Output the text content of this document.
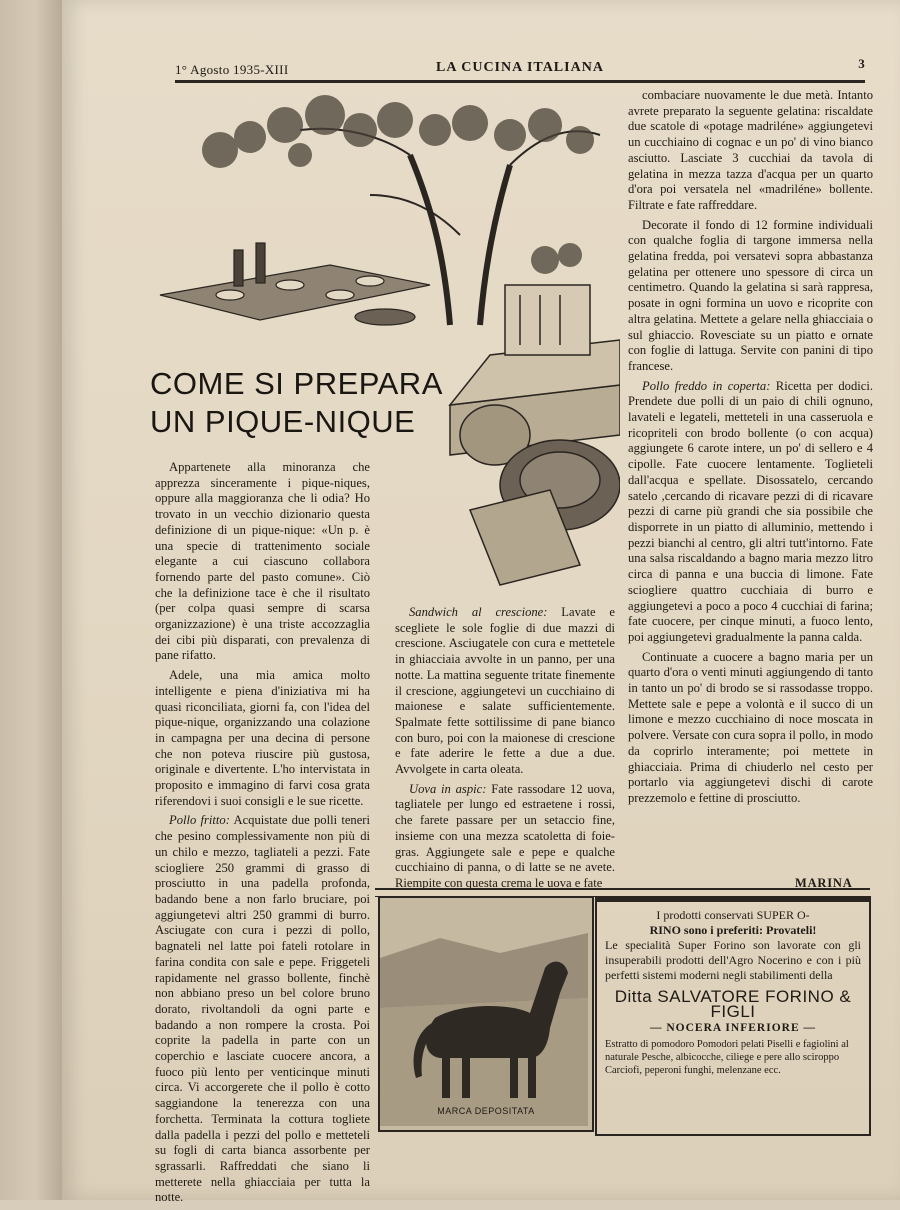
1° Agosto 1935-XIII	LA CUCINA ITALIANA	3
COME SI PREPARA
UN PIQUE-NIQUE

Appartenete alla minoranza che apprezza sinceramente i pique-niques, oppure alla maggioranza che li odia? Ho trovato in un vecchio dizionario questa definizione di un pique-nique: «Un p. è una specie di trattenimento sociale elegante a cui ciascuno collabora fornendo parte del pasto comune». Ciò che la definizione tace è che il risultato (per colpa quasi sempre di scarsa organizzazione) è una triste accozzaglia dei cibi più disparati, con prevalenza di pane rifatto.

Adele, una mia amica molto intelligente e piena d'iniziativa mi ha quasi riconciliata, giorni fa, con l'idea del pique-nique, organizzando una colazione in campagna per una decina di persone che non poteva riuscire più gustosa, originale e divertente. L'ho intervistata in proposito e immagino di farvi cosa grata riferendovi i suoi consigli e le sue ricette.

Pollo fritto: Acquistate due polli teneri che pesino complessivamente non più di un chilo e mezzo, tagliateli a pezzi. Fate sciogliere 250 grammi di grasso di prosciutto in una padella profonda, badando bene a non farlo bruciare, poi aggiungetevi altri 250 grammi di burro. Asciugate con cura i pezzi di pollo, bagnateli nel latte poi fateli rotolare in farina condita con sale e pepe. Friggeteli rapidamente nel grasso bollente, finchè non abbiano preso un bel colore bruno dorato, rivoltandoli da ogni parte e badando a non rompere la crosta. Poi coprite la padella in parte con un coperchio e lasciate cuocere ancora, a fuoco più lento per venticinque minuti circa. Vi accorgerete che il pollo è cotto saggiandone la tenerezza con una forchetta. Terminata la cottura togliete dalla padella i pezzi del pollo e metteteli su fogli di carta bianca assorbente per sgrassarli. Raffreddati che siano li metterete nella ghiacciaia per tutta la notte.

Sandwich al crescione: Lavate e scegliete le sole foglie di due mazzi di crescione. Asciugatele con cura e mettetele in ghiacciaia avvolte in un panno, per una notte. La mattina seguente tritate finemente il crescione, aggiungetevi un cucchiaino di maionese e salate sufficientemente. Spalmate fette sottilissime di pane bianco con buro, poi con la maionese di crescione e fate aderire le fette a due a due. Avvolgete in carta oleata.

Uova in aspic: Fate rassodare 12 uova, tagliatele per lungo ed estraetene i rossi, che farete passare per un setaccio fine, insieme con una mezza scatoletta di foie-gras. Aggiungete sale e pepe e qualche cucchiaino di panna, o di latte se ne avete. Riempite con questa crema le uova e fate

combaciare nuovamente le due metà. Intanto avrete preparato la seguente gelatina: riscaldate due scatole di «potage madriléne» aggiungetevi un cucchiaino di cognac e un po' di vino bianco asciutto. Lasciate 3 cucchiai da tavola di gelatina in mezza tazza d'acqua per un quarto d'ora poi versatela nel «madriléne» bollente. Filtrate e fate raffreddare.

Decorate il fondo di 12 formine individuali con qualche foglia di targone immersa nella gelatina fredda, poi versatevi sopra abbastanza gelatina per ottenere uno spessore di circa un centimetro. Quando la gelatina si sarà rappresa, posate in ogni formina un uovo e ricoprite con altra gelatina. Mettete a gelare nella ghiacciaia o sul ghiaccio. Rovesciate su un piatto e ornate con foglie di lattuga. Servite con panini di tipo francese.

Pollo freddo in coperta: Ricetta per dodici. Prendete due polli di un paio di chili ognuno, lavateli e legateli, metteteli in una casseruola e ricopriteli con brodo bollente (o con acqua) aggiungete 6 carote intere, un po' di sellero e 4 cipolle. Fate cuocere lentamente. Toglieteli dall'acqua e spellate. Disossatelo, cercando satelo ,cercando di ricavare pezzi di di ricavare pezzi di carne più grandi che sia possibile che disporrete in un piatto di alluminio, mettendo i pezzi bianchi al centro, gli altri tutt'intorno. Fate una salsa riscaldando a bagno maria mezzo litro circa di panna e una buccia di limone. Fate sciogliere quattro cucchiaia di burro e aggiungetevi a poco a poco 4 cucchiai di farina; fate cuocere, per cinque minuti, a fuoco lento, poi aggiungetevi gradualmente la panna calda.

Continuate a cuocere a bagno maria per un quarto d'ora o venti minuti aggiungendo di tanto in tanto un po' di brodo se si rassodasse troppo. Mettete sale e pepe a volontà e il succo di un limone e mezzo cucchiaino di noce moscata in polvere. Versate con cura sopra il pollo, in modo da coprirlo interamente; poi mettete in ghiacciaia. Prima di chiuderlo nel cesto per portarlo via aggiungetevi dischi di carote prezzemolo e fettine di prosciutto.

MARINA
MARCA DEPOSITATA
I prodotti conservati SUPER O-
RINO sono i preferiti: Provateli!
Le specialità Super Forino son lavorate con gli insuperabili prodotti dell'Agro Nocerino e con i più perfetti sistemi moderni negli stabilimenti della
Ditta SALVATORE FORINO & FIGLI
— NOCERA INFERIORE —
Estratto di pomodoro Pomodori pelati Piselli e fagiolini al naturale Pesche, albicocche, ciliege e pere allo sciroppo Carciofi, peperoni funghi, melenzane ecc.
